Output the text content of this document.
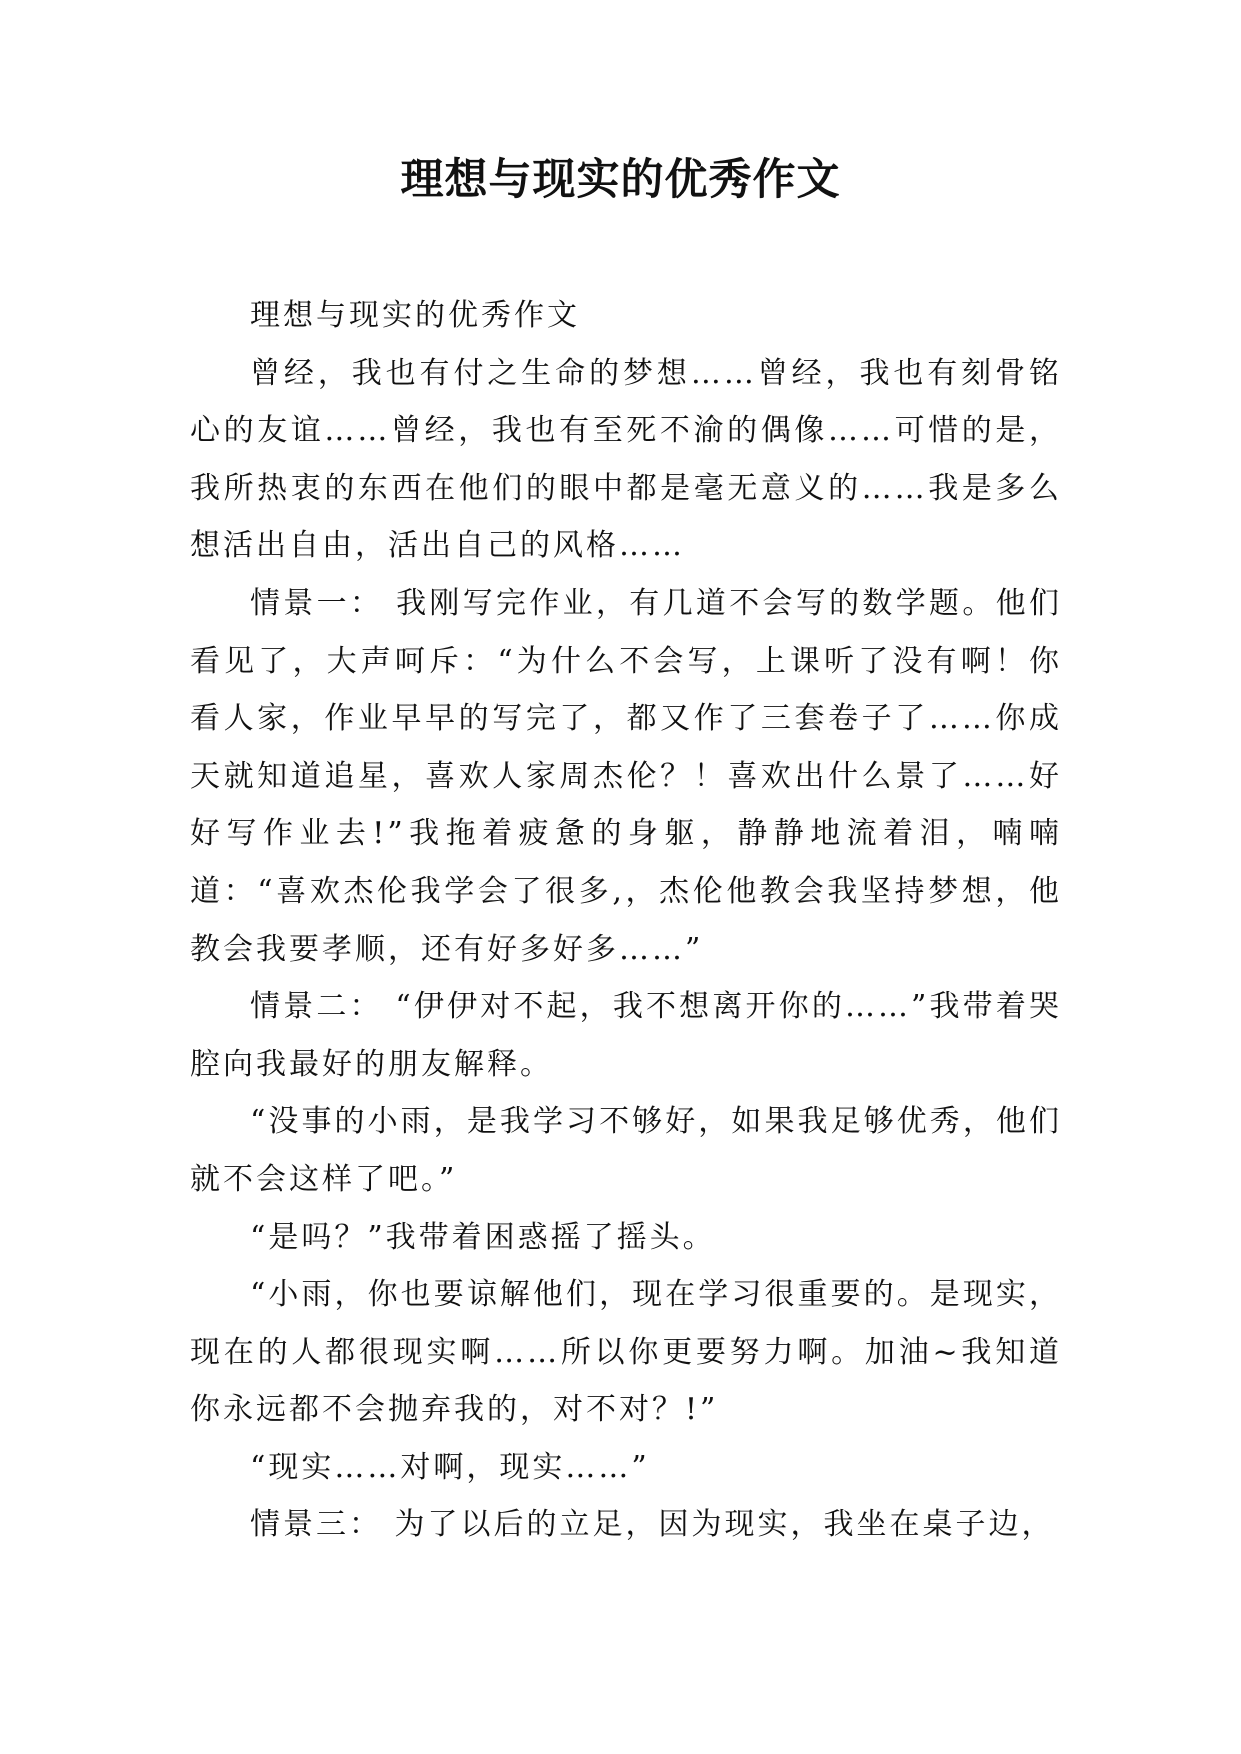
理想与现实的优秀作文

理想与现实的优秀作文

曾经，我也有付之生命的梦想……曾经，我也有刻骨铭心的友谊……曾经，我也有至死不渝的偶像……可惜的是，我所热衷的东西在他们的眼中都是毫无意义的……我是多么想活出自由，活出自己的风格……

情景一： 我刚写完作业，有几道不会写的数学题。他们看见了，大声呵斥：“为什么不会写，上课听了没有啊！你看人家，作业早早的写完了，都又作了三套卷子了……你成天就知道追星，喜欢人家周杰伦？！喜欢出什么景了……好好写作业去!”我拖着疲惫的身躯，静静地流着泪，喃喃道：“喜欢杰伦我学会了很多,，杰伦他教会我坚持梦想，他教会我要孝顺，还有好多好多……”

情景二： “伊伊对不起，我不想离开你的……”我带着哭腔向我最好的朋友解释。

“没事的小雨，是我学习不够好，如果我足够优秀，他们就不会这样了吧。”

“是吗？”我带着困惑摇了摇头。

“小雨，你也要谅解他们，现在学习很重要的。是现实，现在的人都很现实啊……所以你更要努力啊。加油~我知道你永远都不会抛弃我的，对不对？!”

“现实……对啊，现实……”

情景三： 为了以后的立足，因为现实，我坐在桌子边，
